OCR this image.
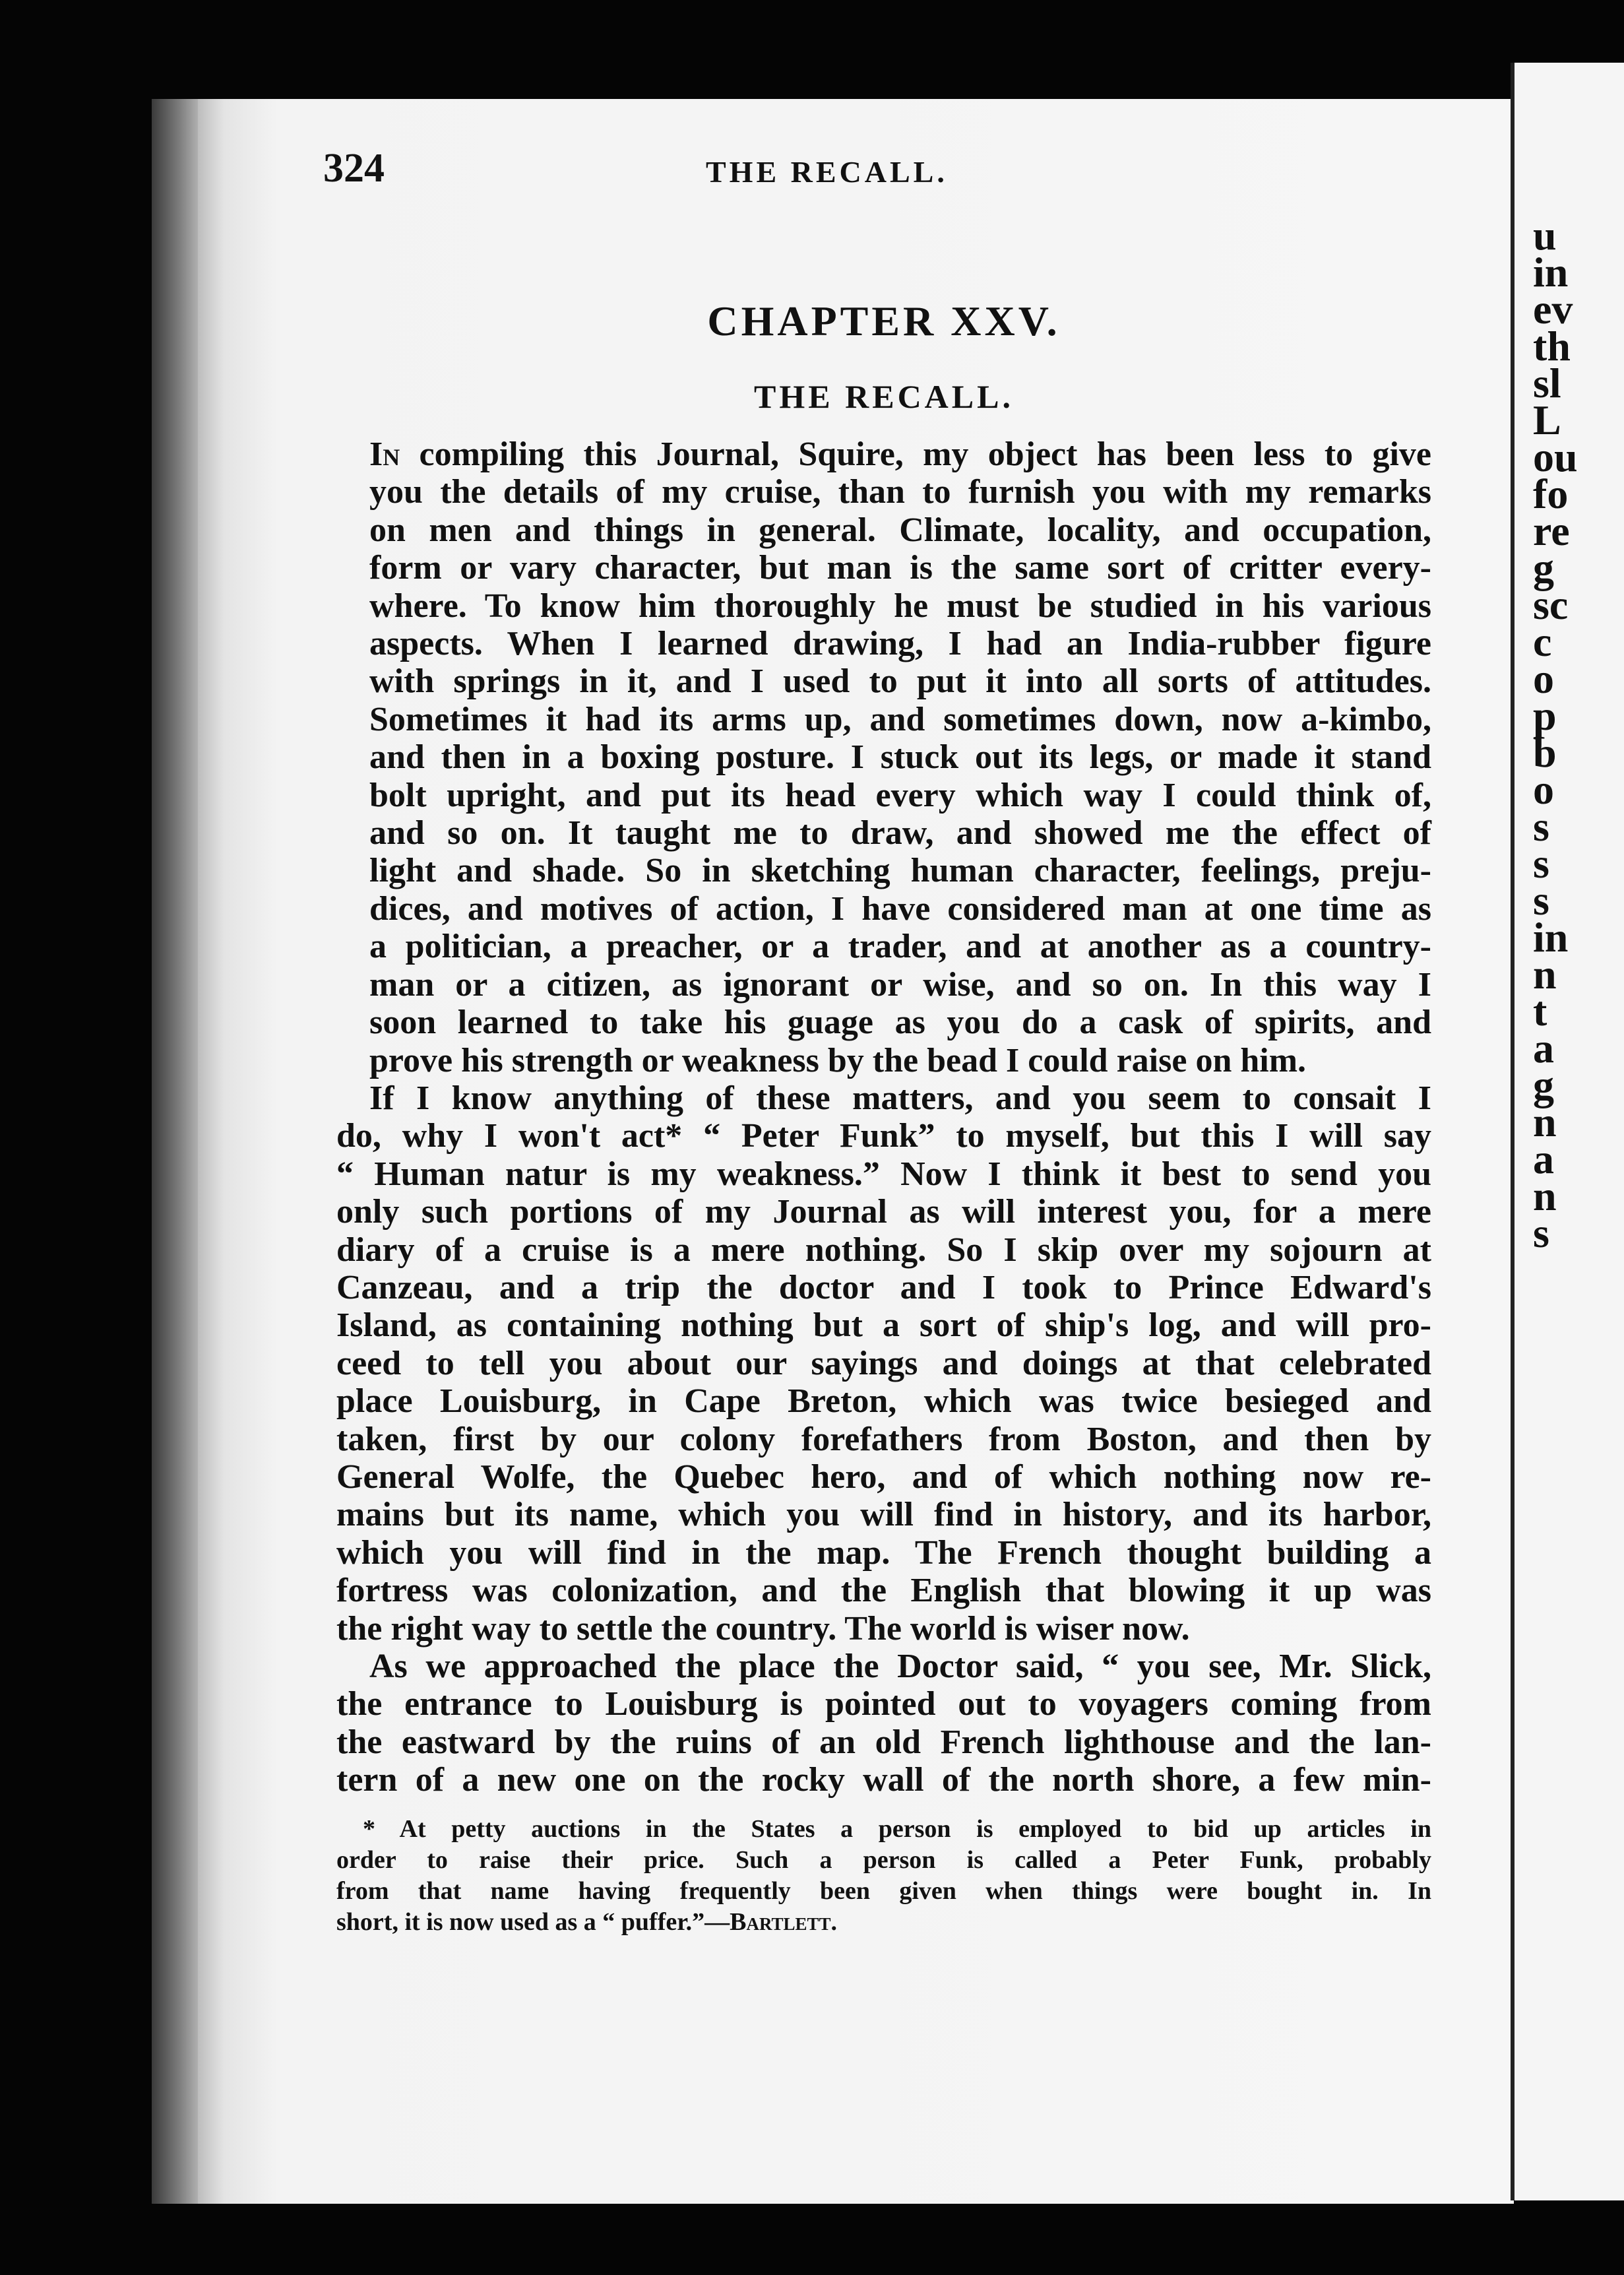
u
in
ev
th
sl
L
ou
fo
re
g
sc
c
o
p
b
o
s
s
s
in
n
t
a
g
n
a
n
s
324	THE RECALL.
CHAPTER XXV.
THE RECALL.

In compiling this Journal, Squire, my object has been less to give
you the details of my cruise, than to furnish you with my remarks
on men and things in general. Climate, locality, and occupation,
form or vary character, but man is the same sort of critter every-
where. To know him thoroughly he must be studied in his various
aspects. When I learned drawing, I had an India-rubber figure
with springs in it, and I used to put it into all sorts of attitudes.
Sometimes it had its arms up, and sometimes down, now a-kimbo,
and then in a boxing posture. I stuck out its legs, or made it stand
bolt upright, and put its head every which way I could think of,
and so on. It taught me to draw, and showed me the effect of
light and shade. So in sketching human character, feelings, preju-
dices, and motives of action, I have considered man at one time as
a politician, a preacher, or a trader, and at another as a country-
man or a citizen, as ignorant or wise, and so on. In this way I
soon learned to take his guage as you do a cask of spirits, and
prove his strength or weakness by the bead I could raise on him.

If I know anything of these matters, and you seem to consait I
do, why I won't act* “ Peter Funk” to myself, but this I will say
“ Human natur is my weakness.” Now I think it best to send you
only such portions of my Journal as will interest you, for a mere
diary of a cruise is a mere nothing. So I skip over my sojourn at
Canzeau, and a trip the doctor and I took to Prince Edward's
Island, as containing nothing but a sort of ship's log, and will pro-
ceed to tell you about our sayings and doings at that celebrated
place Louisburg, in Cape Breton, which was twice besieged and
taken, first by our colony forefathers from Boston, and then by
General Wolfe, the Quebec hero, and of which nothing now re-
mains but its name, which you will find in history, and its harbor,
which you will find in the map. The French thought building a
fortress was colonization, and the English that blowing it up was
the right way to settle the country. The world is wiser now.

As we approached the place the Doctor said, “ you see, Mr. Slick,
the entrance to Louisburg is pointed out to voyagers coming from
the eastward by the ruins of an old French lighthouse and the lan-
tern of a new one on the rocky wall of the north shore, a few min-

* At petty auctions in the States a person is employed to bid up articles in
order to raise their price. Such a person is called a Peter Funk, probably
from that name having frequently been given when things were bought in. In
short, it is now used as a “ puffer.”—Bartlett.
